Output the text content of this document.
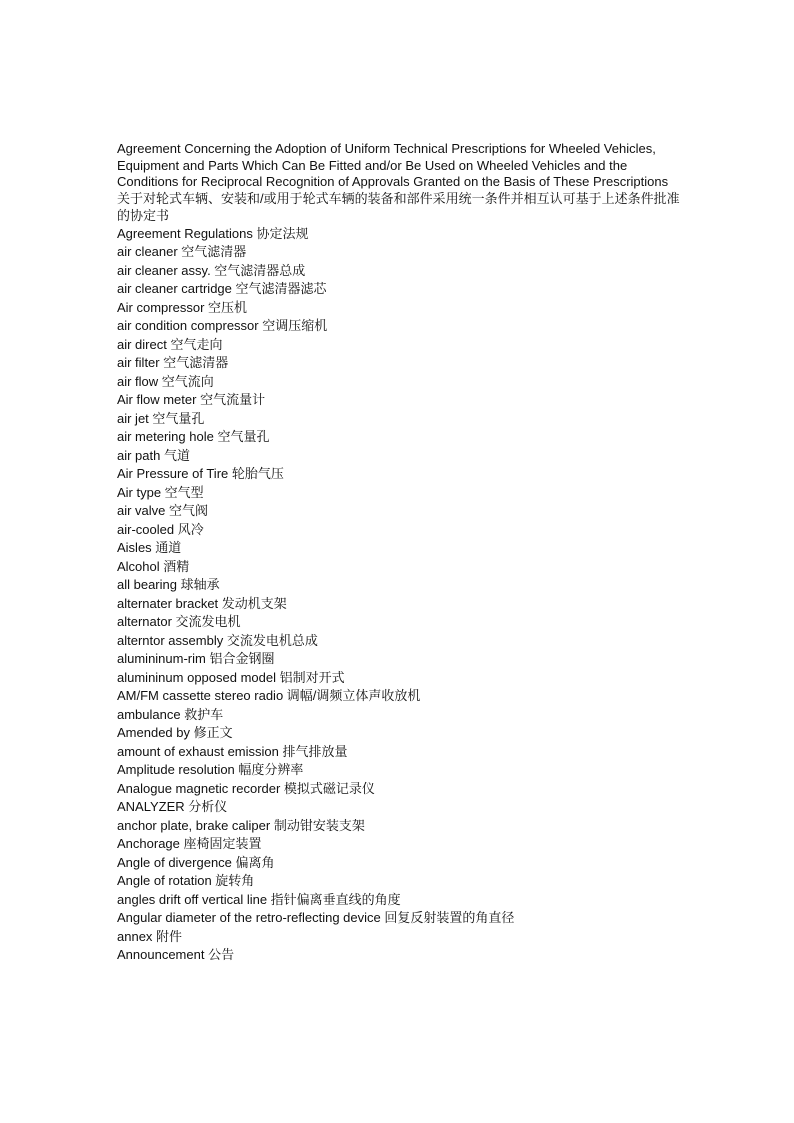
Agreement Concerning the Adoption of Uniform Technical Prescriptions for Wheeled Vehicles, Equipment and Parts Which Can Be Fitted and/or Be Used on Wheeled Vehicles and the Conditions for Reciprocal Recognition of Approvals Granted on the Basis of These Prescriptions 关于对轮式车辆、安装和/或用于轮式车辆的装备和部件采用统一条件并相互认可基于上述条件批准的协定书

Agreement Regulations 协定法规
air cleaner 空气滤清器
air cleaner assy. 空气滤清器总成
air cleaner cartridge 空气滤清器滤芯
Air compressor 空压机
air condition compressor 空调压缩机
air direct 空气走向
air filter 空气滤清器
air flow 空气流向
Air flow meter 空气流量计
air jet 空气量孔
air metering hole 空气量孔
air path 气道
Air Pressure of Tire 轮胎气压
Air type 空气型
air valve 空气阀
air-cooled 风冷
Aisles 通道
Alcohol 酒精
all bearing 球轴承
alternater bracket 发动机支架
alternator 交流发电机
alterntor assembly 交流发电机总成
alumininum-rim 铝合金钢圈
alumininum opposed model 铝制对开式
AM/FM cassette stereo radio 调幅/调频立体声收放机
ambulance 救护车
Amended by 修正文
amount of exhaust emission 排气排放量
Amplitude resolution 幅度分辨率
Analogue magnetic recorder 模拟式磁记录仪
ANALYZER 分析仪
anchor plate, brake caliper 制动钳安装支架
Anchorage 座椅固定装置
Angle of divergence 偏离角
Angle of rotation 旋转角
angles drift off vertical line 指针偏离垂直线的角度
Angular diameter of the retro-reflecting device 回复反射装置的角直径
annex 附件
Announcement 公告
